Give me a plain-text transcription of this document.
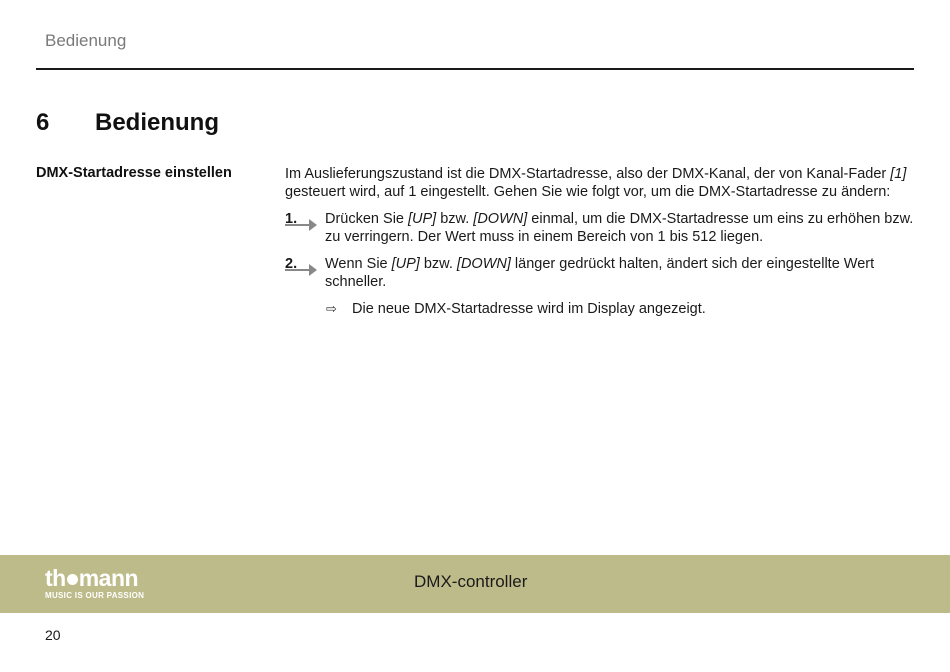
Bedienung
6 Bedienung
DMX-Startadresse einstellen	Im Auslieferungszustand ist die DMX-Startadresse, also der DMX-Kanal, der von Kanal-Fader [1] gesteuert wird, auf 1 eingestellt. Gehen Sie wie folgt vor, um die DMX-Startadresse zu ändern:

1. Drücken Sie [UP] bzw. [DOWN] einmal, um die DMX-Startadresse um eins zu erhöhen bzw. zu verringern. Der Wert muss in einem Bereich von 1 bis 512 liegen.
2. Wenn Sie [UP] bzw. [DOWN] länger gedrückt halten, ändert sich der eingestellte Wert schneller.
⇨ Die neue DMX-Startadresse wird im Display angezeigt.
th mann
MUSIC IS OUR PASSION
DMX-controller
20
